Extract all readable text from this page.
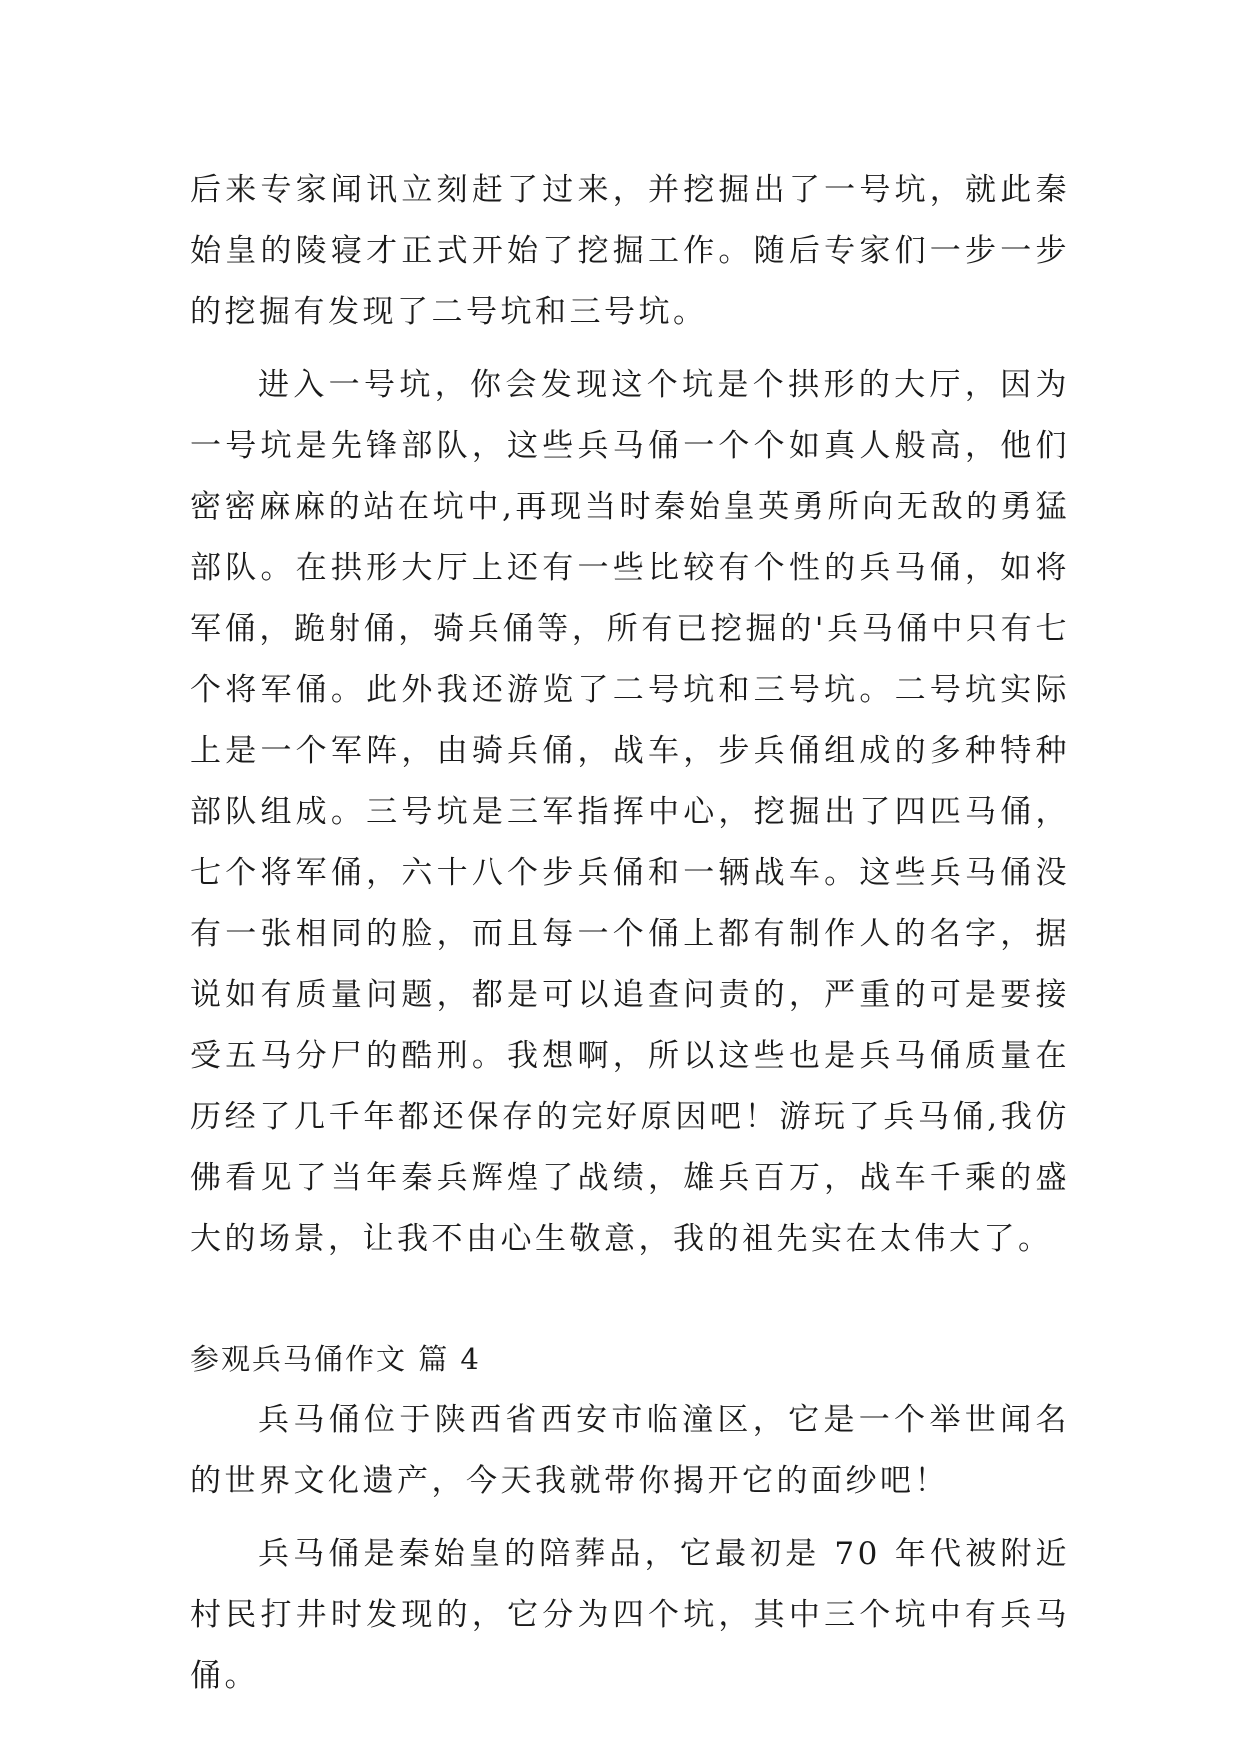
后来专家闻讯立刻赶了过来，并挖掘出了一号坑，就此秦始皇的陵寝才正式开始了挖掘工作。随后专家们一步一步的挖掘有发现了二号坑和三号坑。

进入一号坑，你会发现这个坑是个拱形的大厅，因为一号坑是先锋部队，这些兵马俑一个个如真人般高，他们密密麻麻的站在坑中,再现当时秦始皇英勇所向无敌的勇猛部队。在拱形大厅上还有一些比较有个性的兵马俑，如将军俑，跪射俑，骑兵俑等，所有已挖掘的'兵马俑中只有七个将军俑。此外我还游览了二号坑和三号坑。二号坑实际上是一个军阵，由骑兵俑，战车，步兵俑组成的多种特种部队组成。三号坑是三军指挥中心，挖掘出了四匹马俑，七个将军俑，六十八个步兵俑和一辆战车。这些兵马俑没有一张相同的脸，而且每一个俑上都有制作人的名字，据说如有质量问题，都是可以追查问责的，严重的可是要接受五马分尸的酷刑。我想啊，所以这些也是兵马俑质量在历经了几千年都还保存的完好原因吧！游玩了兵马俑,我仿佛看见了当年秦兵辉煌了战绩，雄兵百万，战车千乘的盛大的场景，让我不由心生敬意，我的祖先实在太伟大了。

参观兵马俑作文 篇 4

兵马俑位于陕西省西安市临潼区，它是一个举世闻名的世界文化遗产，今天我就带你揭开它的面纱吧！

兵马俑是秦始皇的陪葬品，它最初是 70 年代被附近村民打井时发现的，它分为四个坑，其中三个坑中有兵马俑。
